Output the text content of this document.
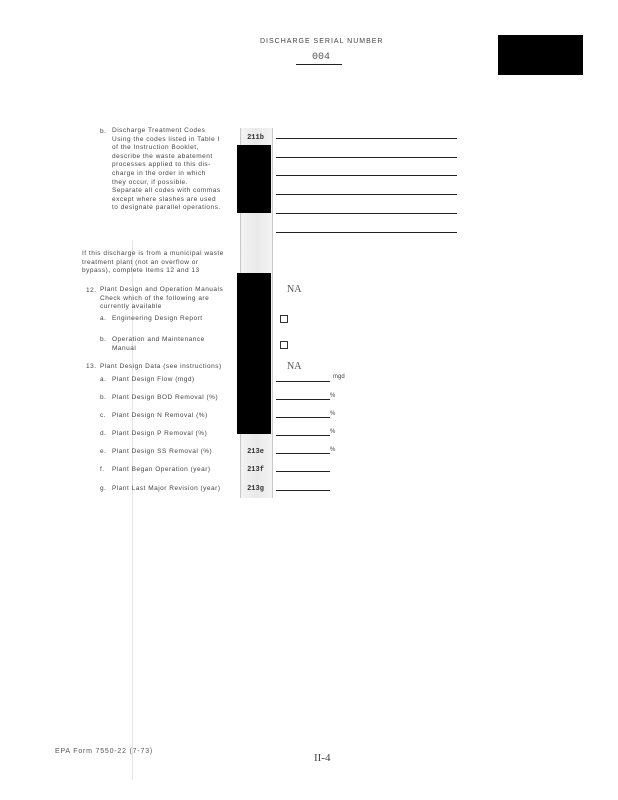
DISCHARGE SERIAL NUMBER
004
b. Discharge Treatment Codes
Using the codes listed in Table I
of the Instruction Booklet,
describe the waste abatement
processes applied to this dis-
charge in the order in which
they occur, if possible.
Separate all codes with commas
except where slashes are used
to designate parallel operations.
211b
If this discharge is from a municipal waste
treatment plant (not an overflow or
bypass), complete Items 12 and 13
12. Plant Design and Operation Manuals
Check which of the following are
currently available
NA
a. Engineering Design Report
b. Operation and Maintenance
Manual
13. Plant Design Data (see instructions)	NA
a. Plant Design Flow (mgd)	mgd
b. Plant Design BOD Removal (%)	%
c. Plant Design N Removal (%)	%
d. Plant Design P Removal (%)	%
e. Plant Design SS Removal (%)	213e	%
f. Plant Began Operation (year)	213f
g. Plant Last Major Revision (year)	213g
EPA Form 7550-22 (7-73)
II-4
